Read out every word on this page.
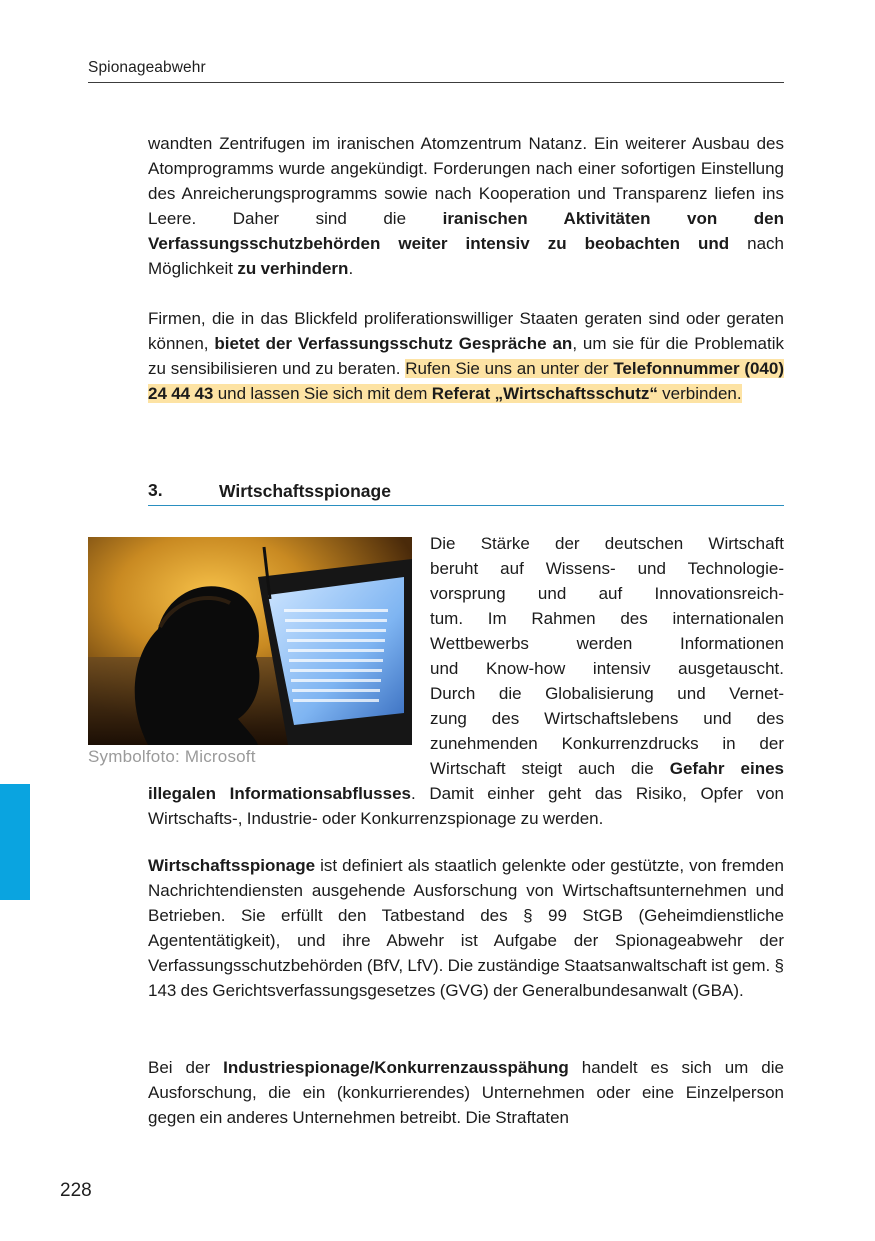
Spionageabwehr

wandten Zentrifugen im iranischen Atomzentrum Natanz. Ein weiterer Ausbau des Atomprogramms wurde angekündigt. Forderungen nach einer sofortigen Einstellung des Anreicherungsprogramms sowie nach Kooperation und Transparenz liefen ins Leere. Daher sind die iranischen Aktivitäten von den Verfassungsschutzbehörden weiter intensiv zu beobachten und nach Möglichkeit zu verhindern.

Firmen, die in das Blickfeld proliferationswilliger Staaten geraten sind oder geraten können, bietet der Verfassungsschutz Gespräche an, um sie für die Problematik zu sensibilisieren und zu beraten. Rufen Sie uns an unter der Telefonnummer (040) 24 44 43 und lassen Sie sich mit dem Referat „Wirtschaftsschutz“ verbinden.

3.	Wirtschaftsspionage
Symbolfoto: Microsoft
Die Stärke der deutschen Wirtschaft
beruht auf Wissens- und Technologie-
vorsprung und auf Innovationsreich-
tum. Im Rahmen des internationalen
Wettbewerbs werden Informationen
und Know-how intensiv ausgetauscht.
Durch die Globalisierung und Vernet-
zung des Wirtschaftslebens und des
zunehmenden Konkurrenzdrucks in der
Wirtschaft steigt auch die Gefahr eines

illegalen Informationsabflusses. Damit einher geht das Risiko, Opfer von Wirtschafts-, Industrie- oder Konkurrenzspionage zu werden.

Wirtschaftsspionage ist definiert als staatlich gelenkte oder gestützte, von fremden Nachrichtendiensten ausgehende Ausforschung von Wirtschaftsunternehmen und Betrieben. Sie erfüllt den Tatbestand des § 99 StGB (Geheimdienstliche Agententätigkeit), und ihre Abwehr ist Aufgabe der Spionageabwehr der Verfassungsschutzbehörden (BfV, LfV). Die zuständige Staatsanwaltschaft ist gem. § 143 des Gerichtsverfassungsgesetzes (GVG) der Generalbundesanwalt (GBA).

Bei der Industriespionage/Konkurrenzausspähung handelt es sich um die Ausforschung, die ein (konkurrierendes) Unternehmen oder eine Einzelperson gegen ein anderes Unternehmen betreibt. Die Straftaten

228
